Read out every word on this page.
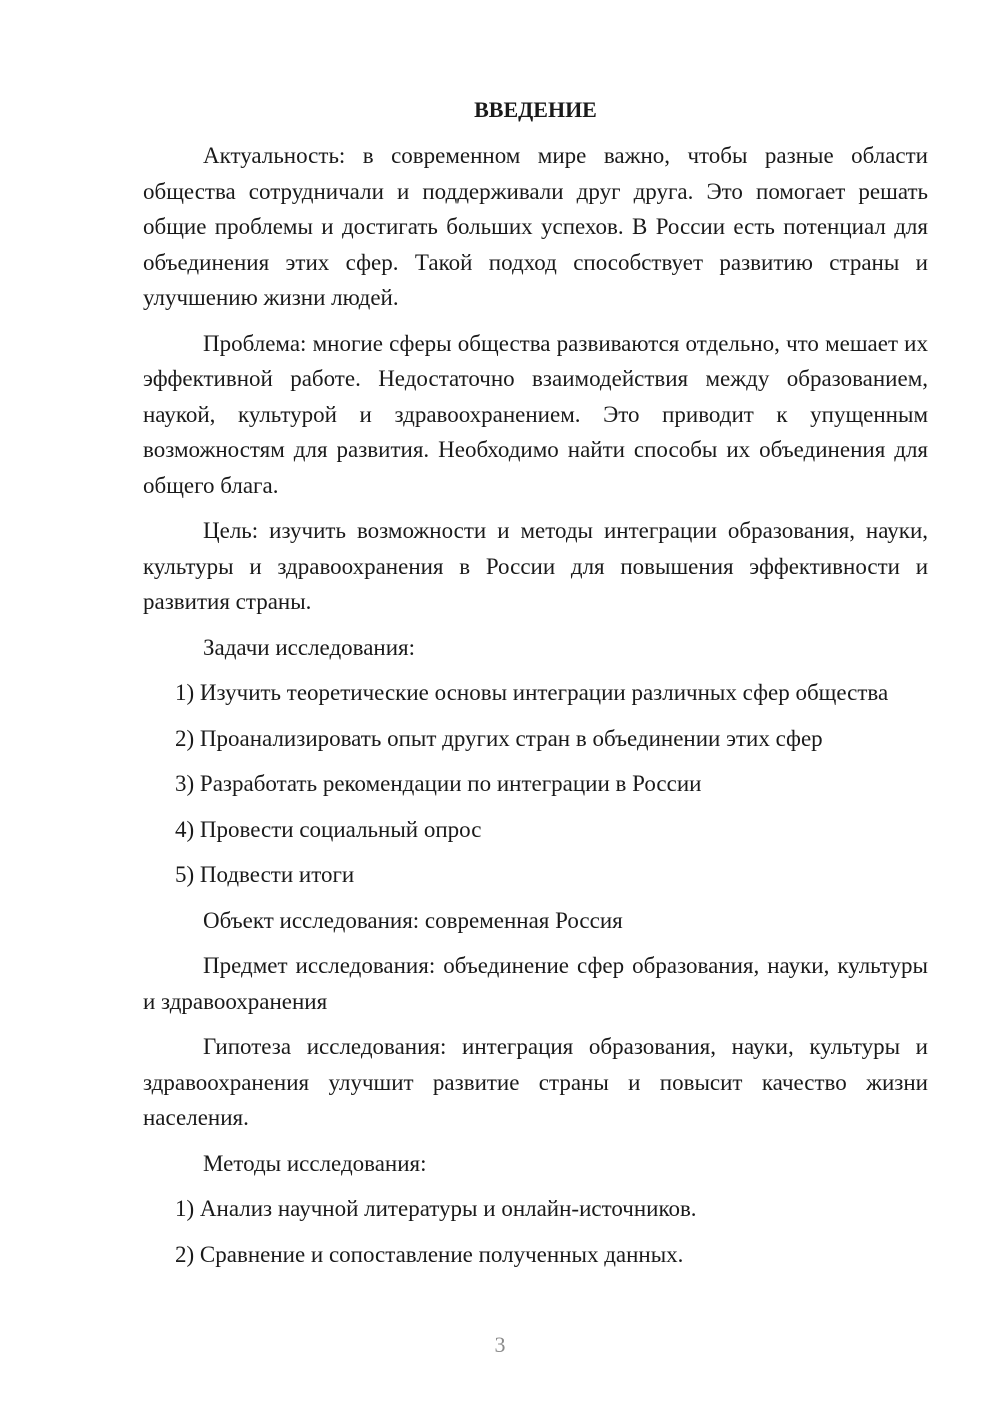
ВВЕДЕНИЕ

Актуальность: в современном мире важно, чтобы разные области общества сотрудничали и поддерживали друг друга. Это помогает решать общие проблемы и достигать больших успехов. В России есть потенциал для объединения этих сфер. Такой подход способствует развитию страны и улучшению жизни людей.

Проблема: многие сферы общества развиваются отдельно, что мешает их эффективной работе. Недостаточно взаимодействия между образованием, наукой, культурой и здравоохранением. Это приводит к упущенным возможностям для развития. Необходимо найти способы их объединения для общего блага.

Цель: изучить возможности и методы интеграции образования, науки, культуры и здравоохранения в России для повышения эффективности и развития страны.

Задачи исследования:

1) Изучить теоретические основы интеграции различных сфер общества

2) Проанализировать опыт других стран в объединении этих сфер

3) Разработать рекомендации по интеграции в России

4) Провести социальный опрос

5) Подвести итоги

Объект исследования: современная Россия

Предмет исследования: объединение сфер образования, науки, культуры и здравоохранения

Гипотеза исследования: интеграция образования, науки, культуры и здравоохранения улучшит развитие страны и повысит качество жизни населения.

Методы исследования:

1) Анализ научной литературы и онлайн-источников.

2) Сравнение и сопоставление полученных данных.

3
